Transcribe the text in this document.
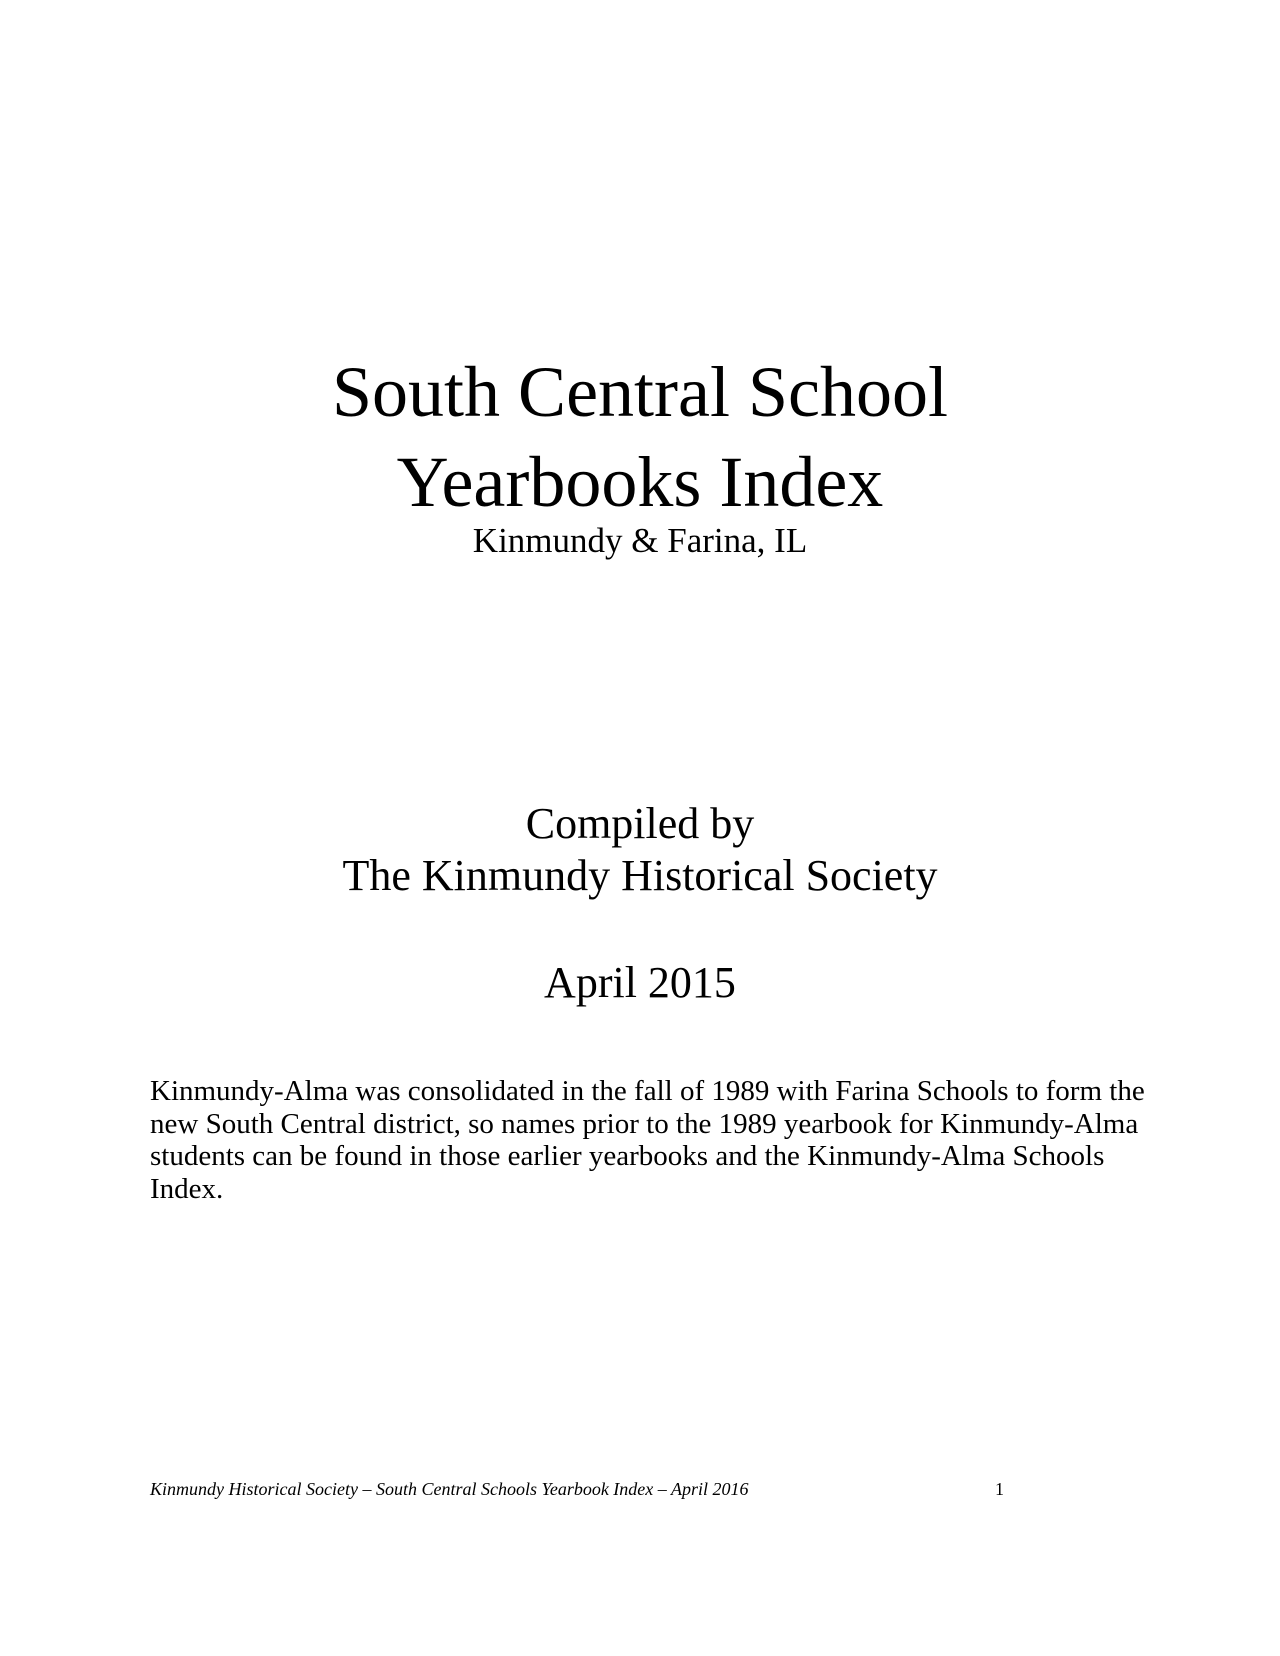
South Central School
Yearbooks Index
Kinmundy & Farina, IL
Compiled by
The Kinmundy Historical Society
April 2015
Kinmundy-Alma was consolidated in the fall of 1989 with Farina Schools to form the new South Central district, so names prior to the 1989 yearbook for Kinmundy-Alma students can be found in those earlier yearbooks and the Kinmundy-Alma Schools Index.
Kinmundy Historical Society – South Central Schools Yearbook Index – April 2016	1
